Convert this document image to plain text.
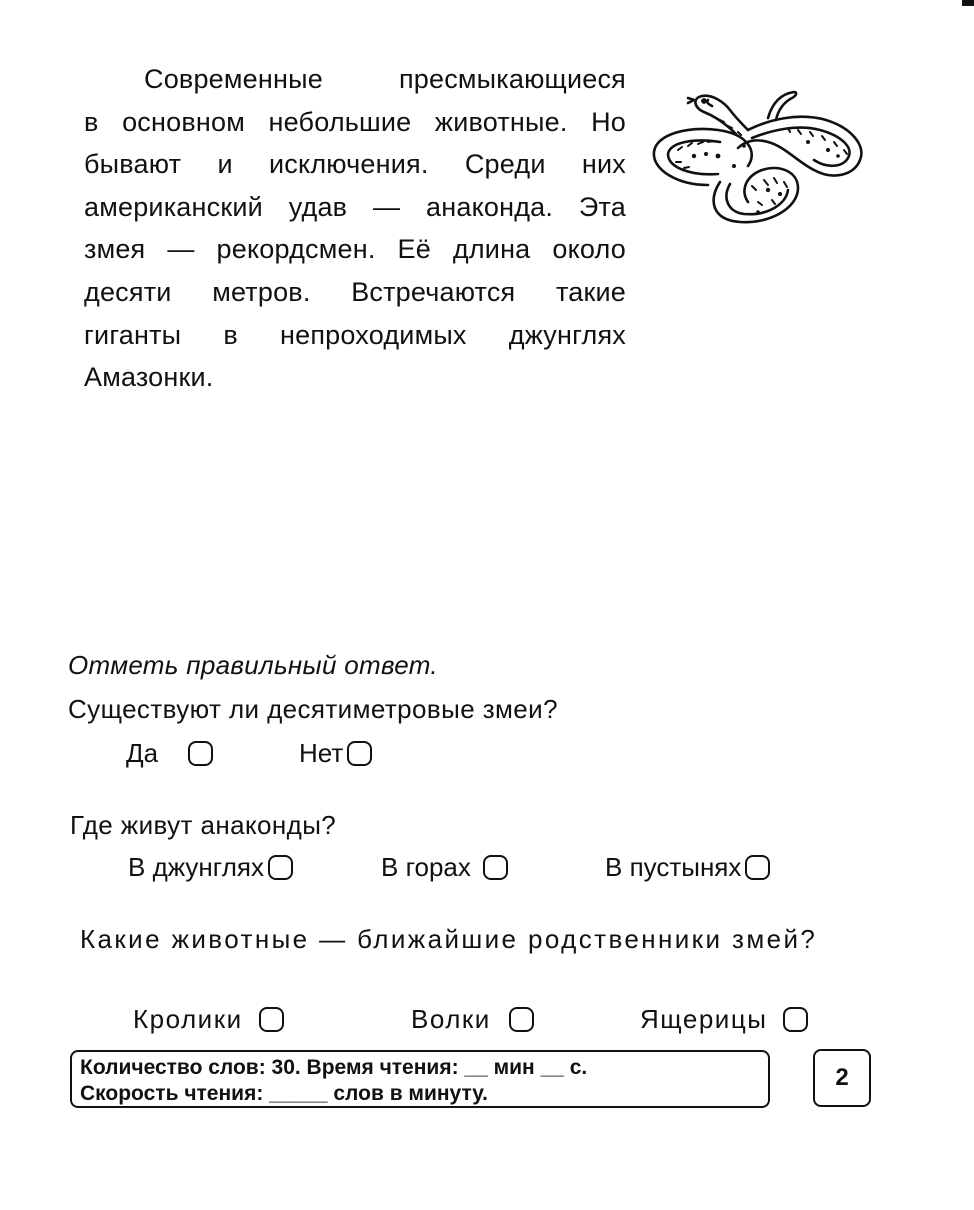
Современные пресмыкающиеся
в основном небольшие животные. Но
бывают и исключения. Среди них
американский удав — анаконда. Эта
змея — рекордсмен. Её длина около
десяти метров. Встречаются такие
гиганты в непроходимых джунглях
Амазонки.

Отметь правильный ответ.
Существуют ли десятиметровые змеи?
Да	Нет
Где живут анаконды?
В джунглях	В горах	В пустынях
Какие животные — ближайшие родственники змей?
Кролики	Волки	Ящерицы
Количество слов: 30. Время чтения: __ мин __ с.
Скорость чтения: _____ слов в минуту.
2
